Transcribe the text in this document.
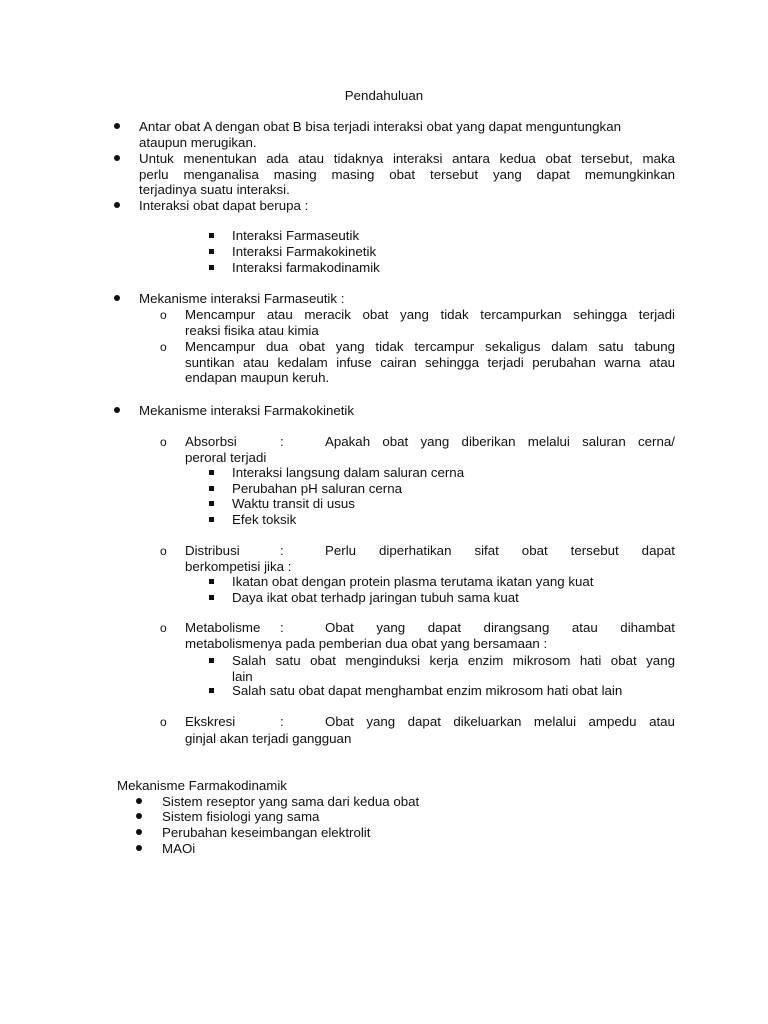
Pendahuluan
Antar obat A dengan obat B bisa terjadi interaksi obat yang dapat menguntungkan
ataupun merugikan.
Untuk menentukan ada atau tidaknya interaksi antara kedua obat tersebut, maka
perlu menganalisa masing masing obat tersebut yang dapat memungkinkan
terjadinya suatu interaksi.
Interaksi obat dapat berupa :
Interaksi Farmaseutik
Interaksi Farmakokinetik
Interaksi farmakodinamik
Mekanisme interaksi Farmaseutik :
o Mencampur atau meracik obat yang tidak tercampurkan sehingga terjadi
reaksi fisika atau kimia
o Mencampur dua obat yang tidak tercampur sekaligus dalam satu tabung
suntikan atau kedalam infuse cairan sehingga terjadi perubahan warna atau
endapan maupun keruh.
Mekanisme interaksi Farmakokinetik
o Absorbsi	:	Apakah obat yang diberikan melalui saluran cerna/
peroral terjadi
Interaksi langsung dalam saluran cerna
Perubahan pH saluran cerna
Waktu transit di usus
Efek toksik
o Distribusi	:	Perlu diperhatikan sifat obat tersebut dapat
berkompetisi jika :
Ikatan obat dengan protein plasma terutama ikatan yang kuat
Daya ikat obat terhadp jaringan tubuh sama kuat
o Metabolisme :	Obat yang dapat dirangsang atau dihambat
metabolismenya pada pemberian dua obat yang bersamaan :
Salah satu obat menginduksi kerja enzim mikrosom hati obat yang
lain
Salah satu obat dapat menghambat enzim mikrosom hati obat lain
o Ekskresi	:	Obat yang dapat dikeluarkan melalui ampedu atau
ginjal akan terjadi gangguan
Mekanisme Farmakodinamik
Sistem reseptor yang sama dari kedua obat
Sistem fisiologi yang sama
Perubahan keseimbangan elektrolit
MAOi
